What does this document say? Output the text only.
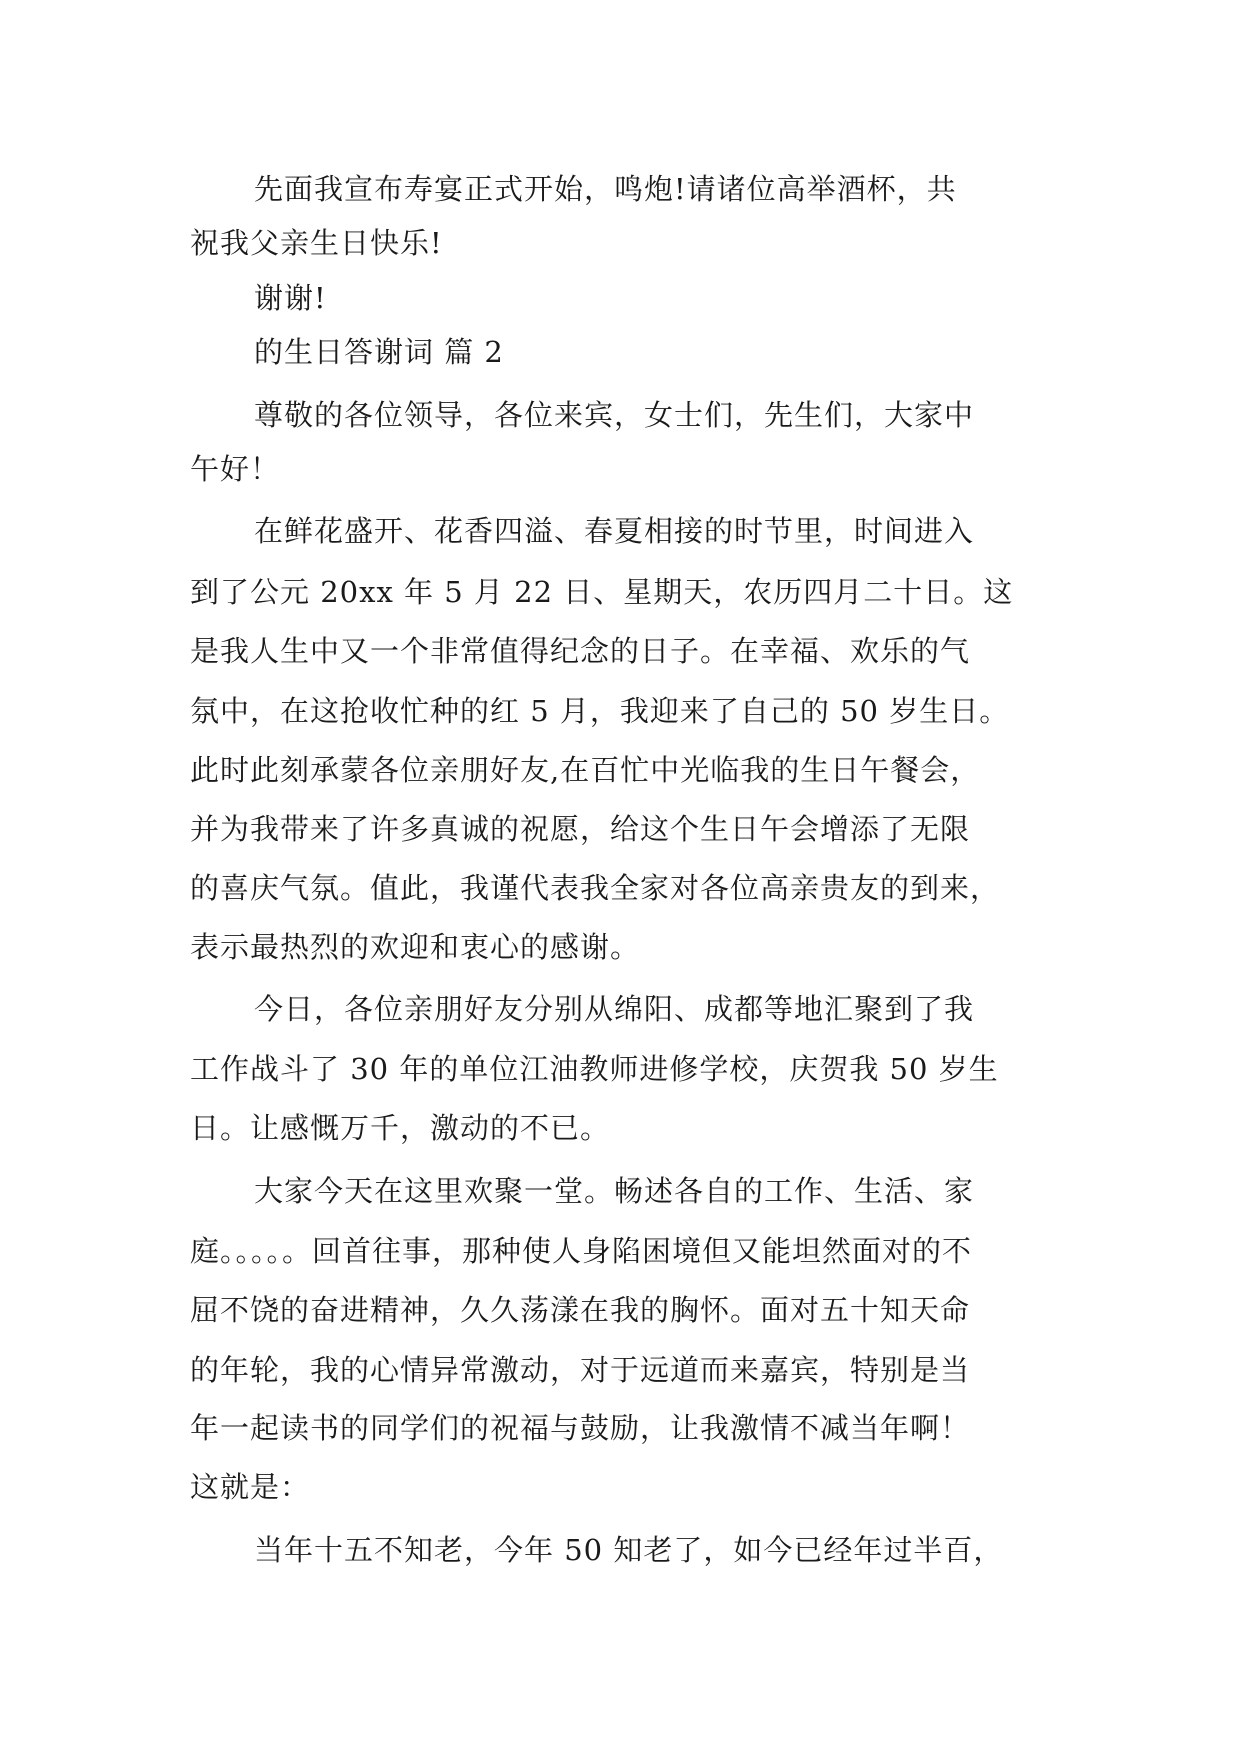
先面我宣布寿宴正式开始，鸣炮!请诸位高举酒杯，共
祝我父亲生日快乐!
谢谢!
的生日答谢词 篇 2
尊敬的各位领导，各位来宾，女士们，先生们，大家中
午好！
在鲜花盛开、花香四溢、春夏相接的时节里，时间进入
到了公元 20xx 年 5 月 22 日、星期天，农历四月二十日。这
是我人生中又一个非常值得纪念的日子。在幸福、欢乐的气
氛中，在这抢收忙种的红 5 月，我迎来了自己的 50 岁生日。
此时此刻承蒙各位亲朋好友,在百忙中光临我的生日午餐会，
并为我带来了许多真诚的祝愿，给这个生日午会增添了无限
的喜庆气氛。值此，我谨代表我全家对各位高亲贵友的到来，
表示最热烈的欢迎和衷心的感谢。
今日，各位亲朋好友分别从绵阳、成都等地汇聚到了我
工作战斗了 30 年的单位江油教师进修学校，庆贺我 50 岁生
日。让感慨万千，激动的不已。
大家今天在这里欢聚一堂。畅述各自的工作、生活、家
庭。。。。。回首往事，那种使人身陷困境但又能坦然面对的不
屈不饶的奋进精神，久久荡漾在我的胸怀。面对五十知天命
的年轮，我的心情异常激动，对于远道而来嘉宾，特别是当
年一起读书的同学们的祝福与鼓励，让我激情不减当年啊！
这就是：
当年十五不知老，今年 50 知老了，如今已经年过半百，
